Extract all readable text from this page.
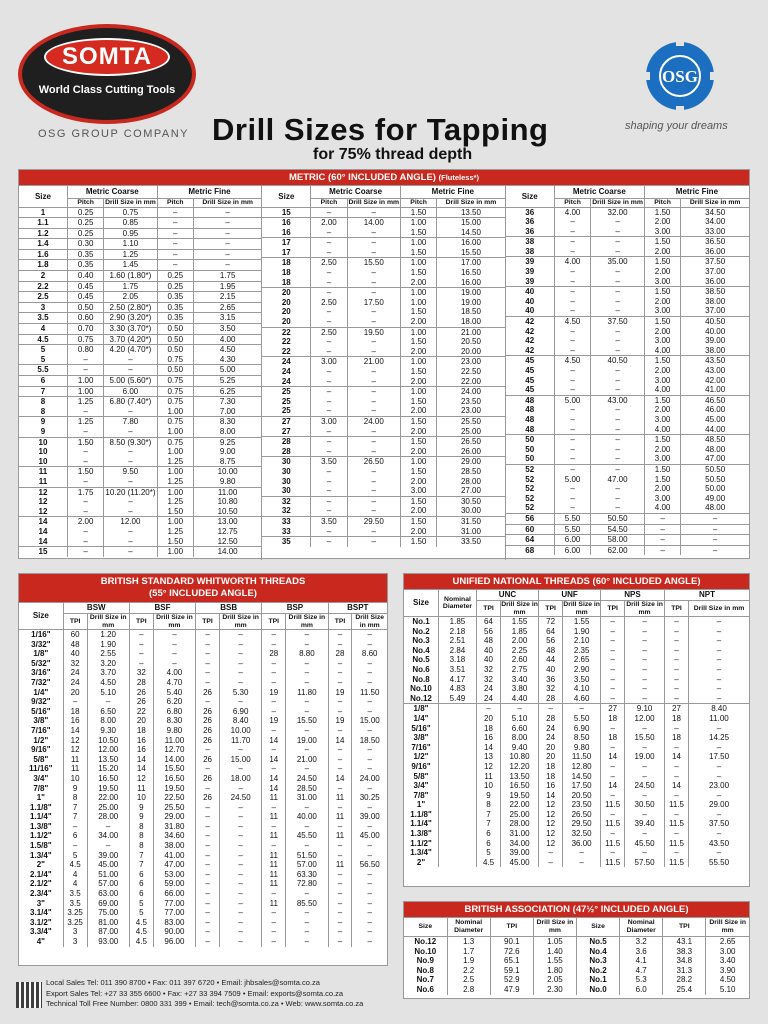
SOMTA
World Class Cutting Tools
OSG GROUP COMPANY Drill Sizes for Tapping
for 75% thread depth
OSG
shaping your dreams
METRIC (60° INCLUDED ANGLE) (Fluteless*)
Size	Metric Coarse		Metric Fine	
	Pitch	Drill Size in mm	Pitch	Drill Size in mm
1	0.25	0.75	–	–
1.1	0.25	0.85	–	–
1.2	0.25	0.95	–	–
1.4	0.30	1.10	–	–
1.6	0.35	1.25	–	–
1.8	0.35	1.45	–	–
2	0.40	1.60 (1.80*)	0.25	1.75
2.2	0.45	1.75	0.25	1.95
2.5	0.45	2.05	0.35	2.15
3	0.50	2.50 (2.80*)	0.35	2.65
3.5	0.60	2.90 (3.20*)	0.35	3.15
4	0.70	3.30 (3.70*)	0.50	3.50
4.5	0.75	3.70 (4.20*)	0.50	4.00
5	0.80	4.20 (4.70*)	0.50	4.50
5	–	–	0.75	4.30
5.5	–	–	0.50	5.00
6	1.00	5.00 (5.60*)	0.75	5.25
7	1.00	6.00	0.75	6.25
8	1.25	6.80 (7.40*)	0.75	7.30
8	–	–	1.00	7.00
9	1.25	7.80	0.75	8.30
9	–	–	1.00	8.00
10	1.50	8.50 (9.30*)	0.75	9.25
10	–	–	1.00	9.00
10	–	–	1.25	8.75
11	1.50	9.50	1.00	10.00
11	–	–	1.25	9.80
12	1.75	10.20 (11.20*)	1.00	11.00
12	–	–	1.25	10.80
12	–	–	1.50	10.50
14	2.00	12.00	1.00	13.00
14	–	–	1.25	12.75
14	–	–	1.50	12.50
15	–	–	1.00	14.00
Size	Metric Coarse		Metric Fine	
	Pitch	Drill Size in mm	Pitch	Drill Size in mm
15	–	–	1.50	13.50
16	2.00	14.00	1.00	15.00
16	–	–	1.50	14.50
17	–	–	1.00	16.00
17	–	–	1.50	15.50
18	2.50	15.50	1.00	17.00
18	–	–	1.50	16.50
18	–	–	2.00	16.00
20	–	–	1.00	19.00
20	2.50	17.50	1.00	19.00
20	–	–	1.50	18.50
20	–	–	2.00	18.00
22	2.50	19.50	1.00	21.00
22	–	–	1.50	20.50
22	–	–	2.00	20.00
24	3.00	21.00	1.00	23.00
24	–	–	1.50	22.50
24	–	–	2.00	22.00
25	–	–	1.00	24.00
25	–	–	1.50	23.50
25	–	–	2.00	23.00
27	3.00	24.00	1.50	25.50
27	–	–	2.00	25.00
28	–	–	1.50	26.50
28	–	–	2.00	26.00
30	3.50	26.50	1.00	29.00
30	–	–	1.50	28.50
30	–	–	2.00	28.00
30	–	–	3.00	27.00
32	–	–	1.50	30.50
32	–	–	2.00	30.00
33	3.50	29.50	1.50	31.50
33	–	–	2.00	31.00
35	–	–	1.50	33.50
Size	Metric Coarse		Metric Fine	
	Pitch	Drill Size in mm	Pitch	Drill Size in mm
36	4.00	32.00	1.50	34.50
36	–	–	2.00	34.00
36	–	–	3.00	33.00
38	–	–	1.50	36.50
38	–	–	2.00	36.00
39	4.00	35.00	1.50	37.50
39	–	–	2.00	37.00
39	–	–	3.00	36.00
40	–	–	1.50	38.50
40	–	–	2.00	38.00
40	–	–	3.00	37.00
42	4.50	37.50	1.50	40.50
42	–	–	2.00	40.00
42	–	–	3.00	39.00
42	–	–	4.00	38.00
45	4.50	40.50	1.50	43.50
45	–	–	2.00	43.00
45	–	–	3.00	42.00
45	–	–	4.00	41.00
48	5.00	43.00	1.50	46.50
48	–	–	2.00	46.00
48	–	–	3.00	45.00
48	–	–	4.00	44.00
50	–	–	1.50	48.50
50	–	–	2.00	48.00
50	–	–	3.00	47.00
52	–	–	1.50	50.50
52	5.00	47.00	1.50	50.50
52	–	–	2.00	50.00
52	–	–	3.00	49.00
52	–	–	4.00	48.00
56	5.50	50.50	–	–
60	5.50	54.50	–	–
64	6.00	58.00	–	–
68	6.00	62.00	–	–
BRITISH STANDARD WHITWORTH THREADS
(55° INCLUDED ANGLE)
Size	BSW		BSF		BSB		BSP		BSPT	
	TPI	Drill Size in mm	TPI	Drill Size in mm	TPI	Drill Size in mm	TPI	Drill Size in mm	TPI	Drill Size in mm
1/16"	60	1.20	–	–	–	–	–	–	–	–
3/32"	48	1.90	–	–	–	–	–	–	–	–
1/8"	40	2.55	–	–	–	–	28	8.80	28	8.60
5/32"	32	3.20	–	–	–	–	–	–	–	–
3/16"	24	3.70	32	4.00	–	–	–	–	–	–
7/32"	24	4.50	28	4.70	–	–	–	–	–	–
1/4"	20	5.10	26	5.40	26	5.30	19	11.80	19	11.50
9/32"	–	–	26	6.20	–	–	–	–	–	–
5/16"	18	6.50	22	6.80	26	6.90	–	–	–	–
3/8"	16	8.00	20	8.30	26	8.40	19	15.50	19	15.00
7/16"	14	9.30	18	9.80	26	10.00	–	–	–	–
1/2"	12	10.50	16	11.00	26	11.70	14	19.00	14	18.50
9/16"	12	12.00	16	12.70	–	–	–	–	–	–
5/8"	11	13.50	14	14.00	26	15.00	14	21.00	–	–
11/16"	11	15.20	14	15.50	–	–	–	–	–	–
3/4"	10	16.50	12	16.50	26	18.00	14	24.50	14	24.00
7/8"	9	19.50	11	19.50	–	–	14	28.50	–	–
1"	8	22.00	10	22.50	26	24.50	11	31.00	11	30.25
1.1/8"	7	25.00	9	25.50	–	–	–	–	–	–
1.1/4"	7	28.00	9	29.00	–	–	11	40.00	11	39.00
1.3/8"	–	–	8	31.80	–	–	–	–	–	–
1.1/2"	6	34.00	8	34.60	–	–	11	45.50	11	45.00
1.5/8"	–	–	8	38.00	–	–	–	–	–	–
1.3/4"	5	39.00	7	41.00	–	–	11	51.50	–	–
2"	4.5	45.00	7	47.00	–	–	11	57.00	11	56.50
2.1/4"	4	51.00	6	53.00	–	–	11	63.30	–	–
2.1/2"	4	57.00	6	59.00	–	–	11	72.80	–	–
2.3/4"	3.5	63.00	6	66.00	–	–	–	–	–	–
3"	3.5	69.00	5	77.00	–	–	11	85.50	–	–
3.1/4"	3.25	75.00	5	77.00	–	–	–	–	–	–
3.1/2"	3.25	81.00	4.5	83.00	–	–	–	–	–	–
3.3/4"	3	87.00	4.5	90.00	–	–	–	–	–	–
4"	3	93.00	4.5	96.00	–	–	–	–	–	–
UNIFIED NATIONAL THREADS (60° INCLUDED ANGLE)
Size	Nominal Diameter	UNC		UNF		NPS		NPT	
		TPI	Drill Size in mm	TPI	Drill Size in mm	TPI	Drill Size in mm	TPI	Drill Size in mm
No.1	1.85	64	1.55	72	1.55	–	–	–	–
No.2	2.18	56	1.85	64	1.90	–	–	–	–
No.3	2.51	48	2.00	56	2.10	–	–	–	–
No.4	2.84	40	2.25	48	2.35	–	–	–	–
No.5	3.18	40	2.60	44	2.65	–	–	–	–
No.6	3.51	32	2.75	40	2.90	–	–	–	–
No.8	4.17	32	3.40	36	3.50	–	–	–	–
No.10	4.83	24	3.80	32	4.10	–	–	–	–
No.12	5.49	24	4.40	28	4.60	–	–	–	–
1/8"		–	–	–	–	27	9.10	27	8.40
1/4"		20	5.10	28	5.50	18	12.00	18	11.00
5/16"		18	6.60	24	6.90	–	–	–	–
3/8"		16	8.00	24	8.50	18	15.50	18	14.25
7/16"		14	9.40	20	9.80	–	–	–	–
1/2"		13	10.80	20	11.50	14	19.00	14	17.50
9/16"		12	12.20	18	12.80	–	–	–	–
5/8"		11	13.50	18	14.50	–	–	–	–
3/4"		10	16.50	16	17.50	14	24.50	14	23.00
7/8"		9	19.50	14	20.50	–	–	–	–
1"		8	22.00	12	23.50	11.5	30.50	11.5	29.00
1.1/8"		7	25.00	12	26.50	–	–	–	–
1.1/4"		7	28.00	12	29.50	11.5	39.40	11.5	37.50
1.3/8"		6	31.00	12	32.50	–	–	–	–
1.1/2"		6	34.00	12	36.00	11.5	45.50	11.5	43.50
1.3/4"		5	39.00	–	–	–	–	–	–
2"		4.5	45.00	–	–	11.5	57.50	11.5	55.50
BRITISH ASSOCIATION (47½° INCLUDED ANGLE)
Size	Nominal Diameter	TPI	Drill Size in mm	Size	Nominal Diameter	TPI	Drill Size in mm
No.12	1.3	90.1	1.05	No.5	3.2	43.1	2.65
No.10	1.7	72.6	1.40	No.4	3.6	38.3	3.00
No.9	1.9	65.1	1.55	No.3	4.1	34.8	3.40
No.8	2.2	59.1	1.80	No.2	4.7	31.3	3.90
No.7	2.5	52.9	2.05	No.1	5.3	28.2	4.50
No.6	2.8	47.9	2.30	No.0	6.0	25.4	5.10
Local Sales Tel: 011 390 8700 • Fax: 011 397 6720 • Email: jhbsales@somta.co.za
Export Sales Tel: +27 33 355 6600 • Fax: +27 33 394 7509 • Email: exports@somta.co.za
Technical Toll Free Number: 0800 331 399 • Email: tech@somta.co.za • Web: www.somta.co.za
